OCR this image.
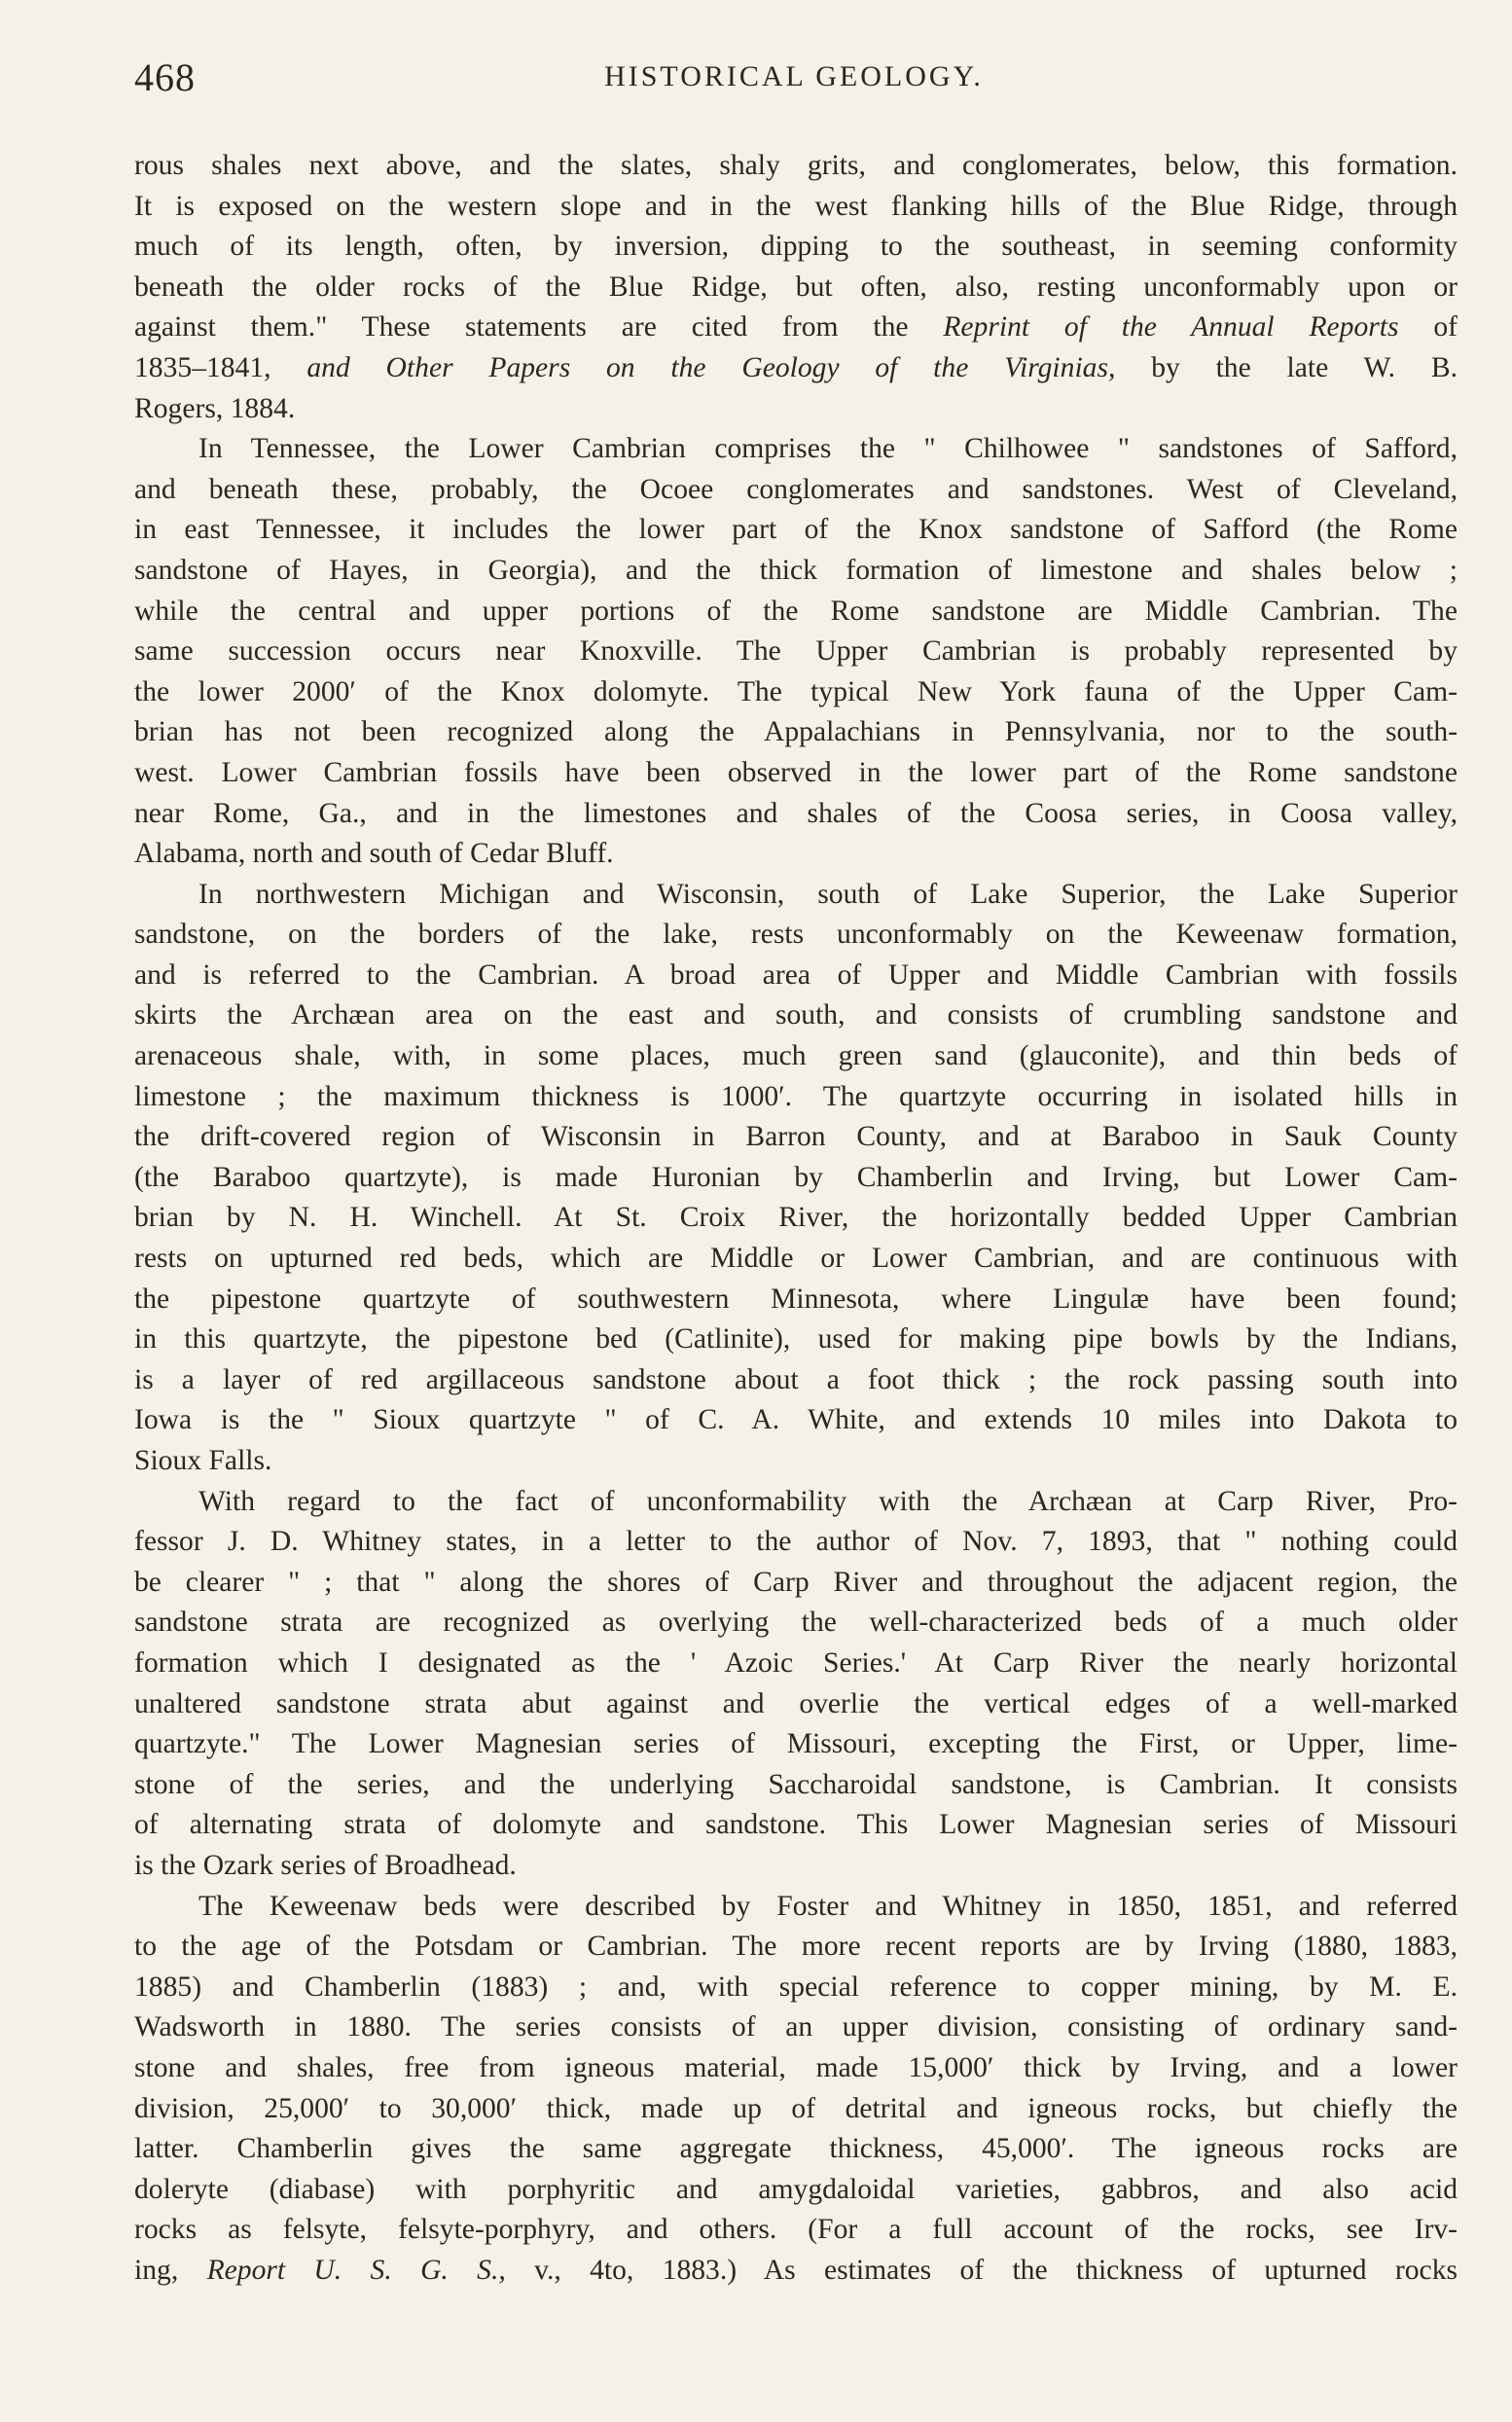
468	HISTORICAL GEOLOGY.
rous shales next above, and the slates, shaly grits, and conglomerates, below, this formation.
It is exposed on the western slope and in the west flanking hills of the Blue Ridge, through
much of its length, often, by inversion, dipping to the southeast, in seeming conformity
beneath the older rocks of the Blue Ridge, but often, also, resting unconformably upon or
against them." These statements are cited from the Reprint of the Annual Reports of
1835–1841, and Other Papers on the Geology of the Virginias, by the late W. B.
Rogers, 1884.
In Tennessee, the Lower Cambrian comprises the " Chilhowee " sandstones of Safford,
and beneath these, probably, the Ocoee conglomerates and sandstones. West of Cleveland,
in east Tennessee, it includes the lower part of the Knox sandstone of Safford (the Rome
sandstone of Hayes, in Georgia), and the thick formation of limestone and shales below ;
while the central and upper portions of the Rome sandstone are Middle Cambrian. The
same succession occurs near Knoxville. The Upper Cambrian is probably represented by
the lower 2000′ of the Knox dolomyte. The typical New York fauna of the Upper Cam-
brian has not been recognized along the Appalachians in Pennsylvania, nor to the south-
west. Lower Cambrian fossils have been observed in the lower part of the Rome sandstone
near Rome, Ga., and in the limestones and shales of the Coosa series, in Coosa valley,
Alabama, north and south of Cedar Bluff.
In northwestern Michigan and Wisconsin, south of Lake Superior, the Lake Superior
sandstone, on the borders of the lake, rests unconformably on the Keweenaw formation,
and is referred to the Cambrian. A broad area of Upper and Middle Cambrian with fossils
skirts the Archæan area on the east and south, and consists of crumbling sandstone and
arenaceous shale, with, in some places, much green sand (glauconite), and thin beds of
limestone ; the maximum thickness is 1000′. The quartzyte occurring in isolated hills in
the drift-covered region of Wisconsin in Barron County, and at Baraboo in Sauk County
(the Baraboo quartzyte), is made Huronian by Chamberlin and Irving, but Lower Cam-
brian by N. H. Winchell. At St. Croix River, the horizontally bedded Upper Cambrian
rests on upturned red beds, which are Middle or Lower Cambrian, and are continuous with
the pipestone quartzyte of southwestern Minnesota, where Lingulæ have been found;
in this quartzyte, the pipestone bed (Catlinite), used for making pipe bowls by the Indians,
is a layer of red argillaceous sandstone about a foot thick ; the rock passing south into
Iowa is the " Sioux quartzyte " of C. A. White, and extends 10 miles into Dakota to
Sioux Falls.
With regard to the fact of unconformability with the Archæan at Carp River, Pro-
fessor J. D. Whitney states, in a letter to the author of Nov. 7, 1893, that " nothing could
be clearer " ; that " along the shores of Carp River and throughout the adjacent region, the
sandstone strata are recognized as overlying the well-characterized beds of a much older
formation which I designated as the ' Azoic Series.' At Carp River the nearly horizontal
unaltered sandstone strata abut against and overlie the vertical edges of a well-marked
quartzyte." The Lower Magnesian series of Missouri, excepting the First, or Upper, lime-
stone of the series, and the underlying Saccharoidal sandstone, is Cambrian. It consists
of alternating strata of dolomyte and sandstone. This Lower Magnesian series of Missouri
is the Ozark series of Broadhead.
The Keweenaw beds were described by Foster and Whitney in 1850, 1851, and referred
to the age of the Potsdam or Cambrian. The more recent reports are by Irving (1880, 1883,
1885) and Chamberlin (1883) ; and, with special reference to copper mining, by M. E.
Wadsworth in 1880. The series consists of an upper division, consisting of ordinary sand-
stone and shales, free from igneous material, made 15,000′ thick by Irving, and a lower
division, 25,000′ to 30,000′ thick, made up of detrital and igneous rocks, but chiefly the
latter. Chamberlin gives the same aggregate thickness, 45,000′. The igneous rocks are
doleryte (diabase) with porphyritic and amygdaloidal varieties, gabbros, and also acid
rocks as felsyte, felsyte-porphyry, and others. (For a full account of the rocks, see Irv-
ing, Report U. S. G. S., v., 4to, 1883.) As estimates of the thickness of upturned rocks
